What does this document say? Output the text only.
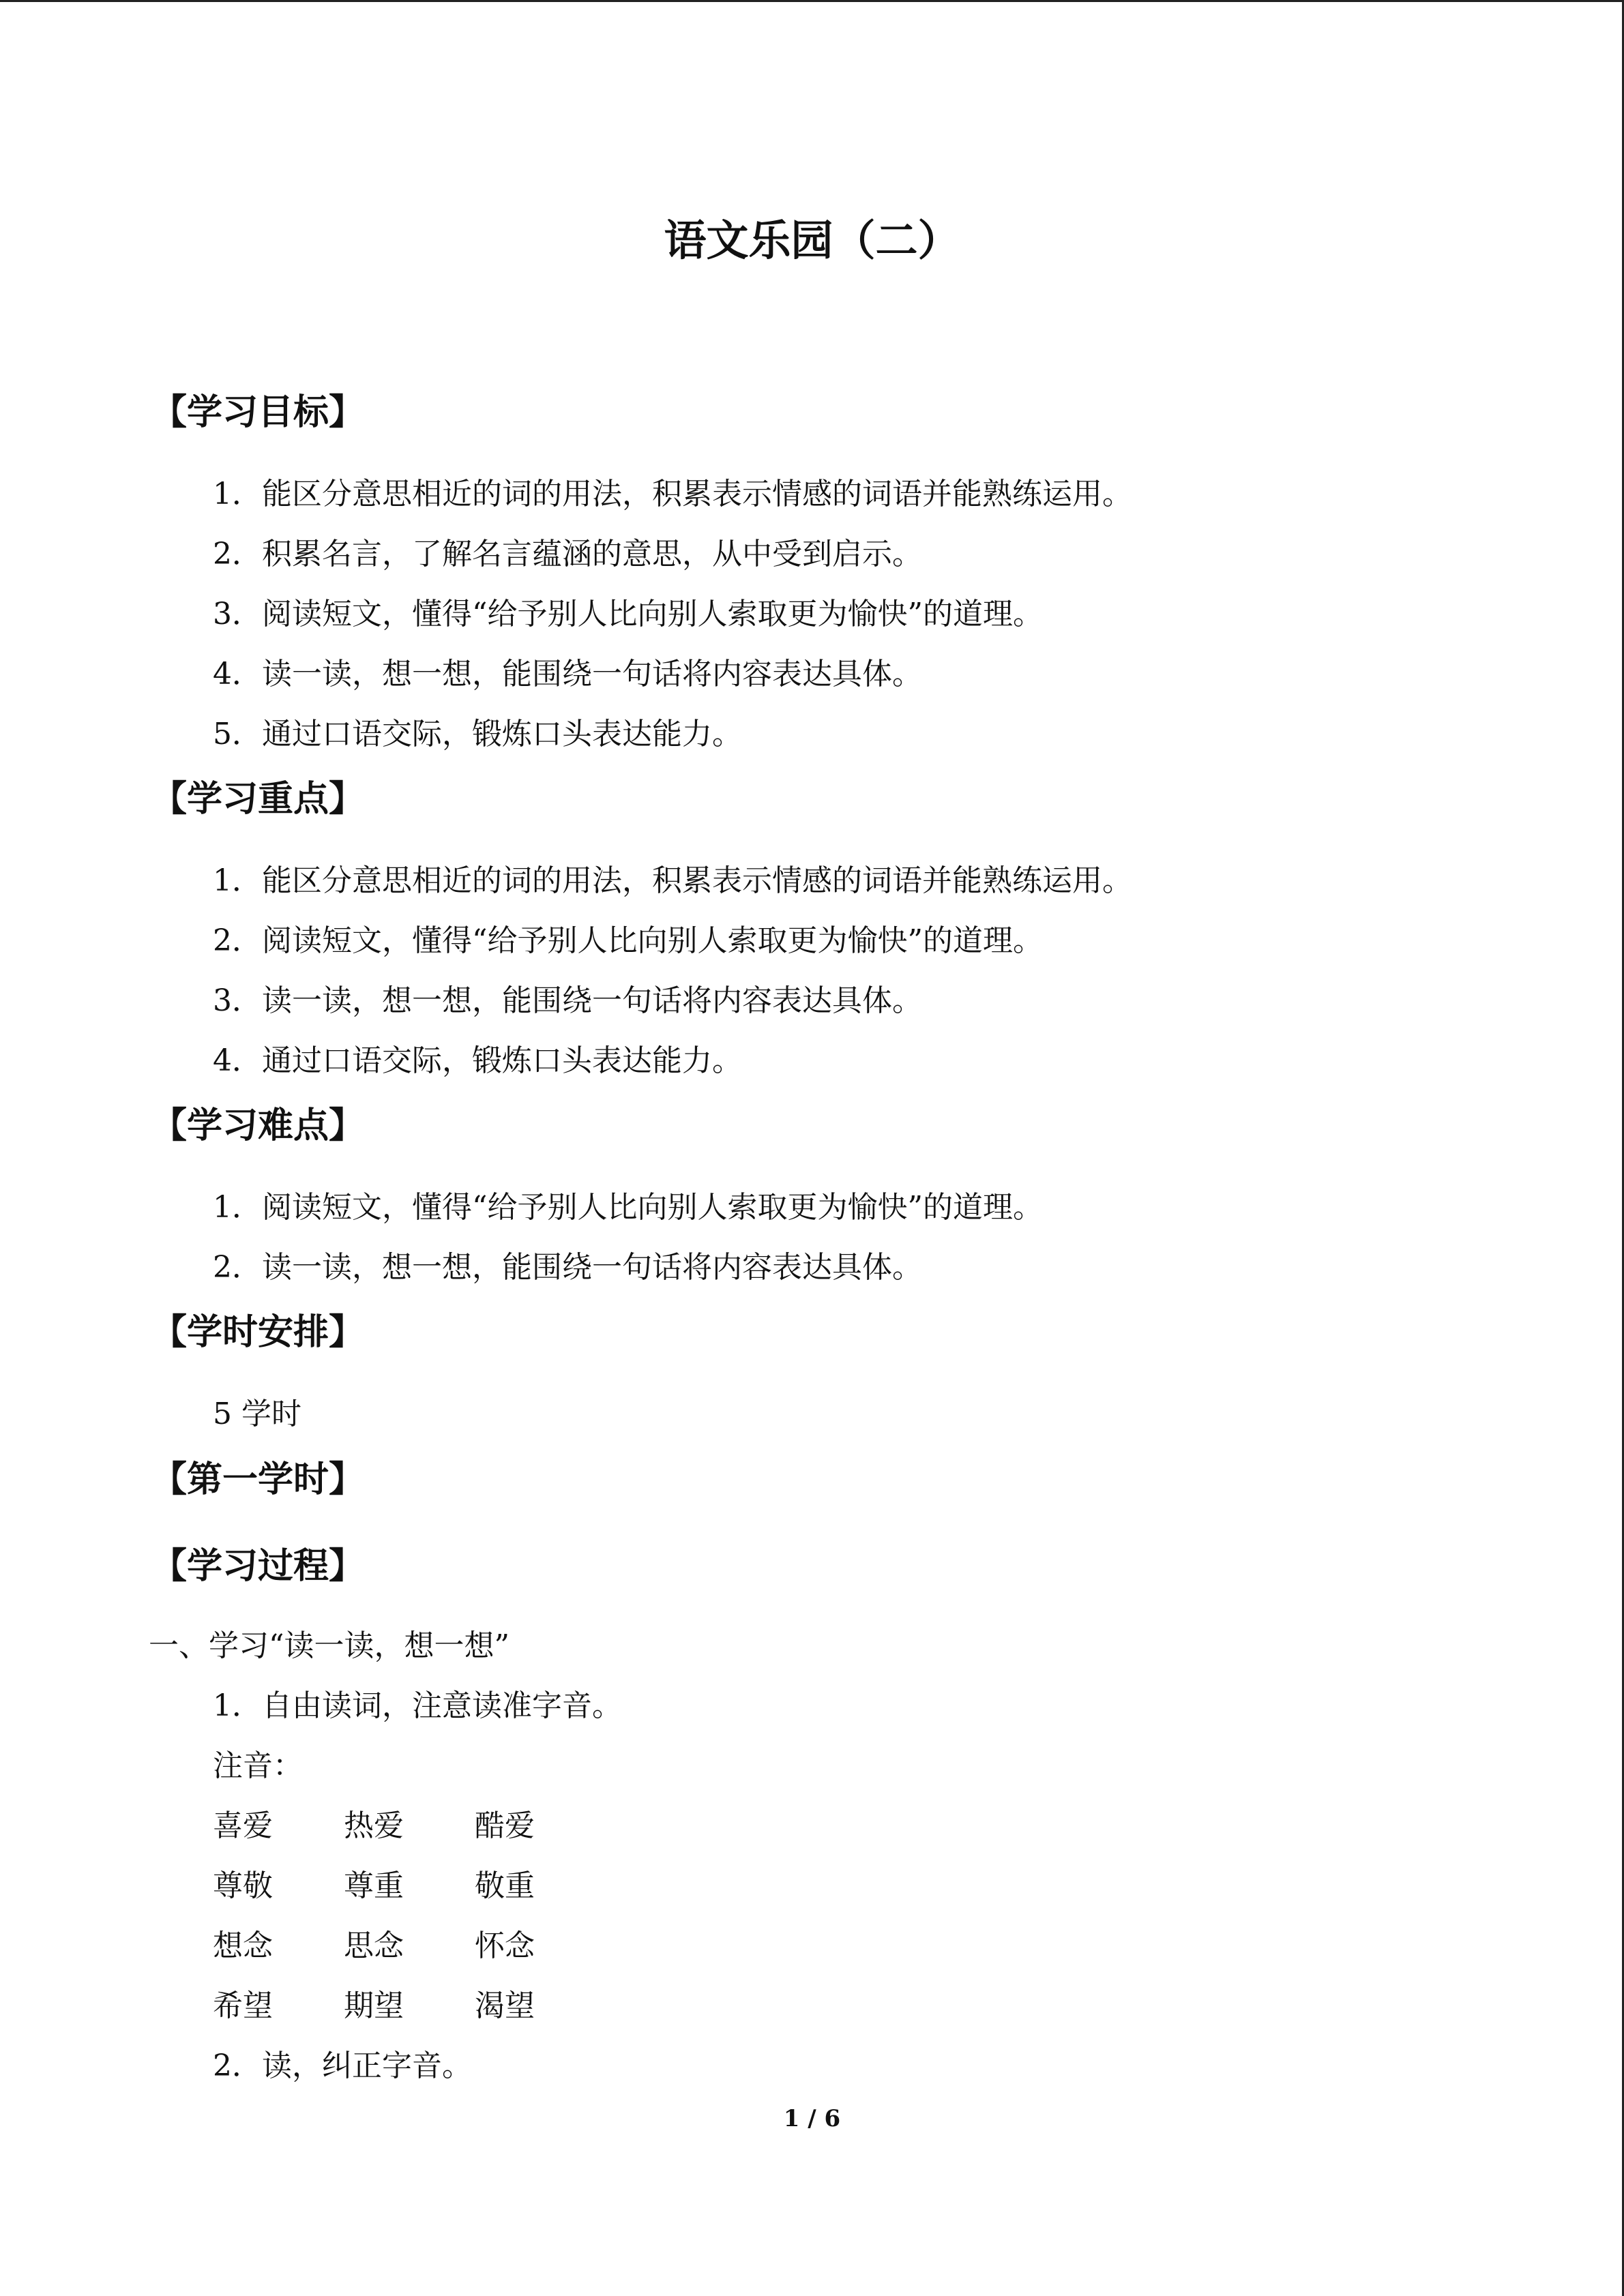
语文乐园（二）
【学习目标】
1．能区分意思相近的词的用法，积累表示情感的词语并能熟练运用。
2．积累名言，了解名言蕴涵的意思，从中受到启示。
3．阅读短文，懂得“给予别人比向别人索取更为愉快”的道理。
4．读一读，想一想，能围绕一句话将内容表达具体。
5．通过口语交际，锻炼口头表达能力。
【学习重点】
1．能区分意思相近的词的用法，积累表示情感的词语并能熟练运用。
2．阅读短文，懂得“给予别人比向别人索取更为愉快”的道理。
3．读一读，想一想，能围绕一句话将内容表达具体。
4．通过口语交际，锻炼口头表达能力。
【学习难点】
1．阅读短文，懂得“给予别人比向别人索取更为愉快”的道理。
2．读一读，想一想，能围绕一句话将内容表达具体。
【学时安排】
5 学时
【第一学时】
【学习过程】
一、学习“读一读，想一想”
1．自由读词，注意读准字音。
注音：
喜爱 热爱 酷爱
尊敬 尊重 敬重
想念 思念 怀念
希望 期望 渴望
2．读，纠正字音。
1 / 6
